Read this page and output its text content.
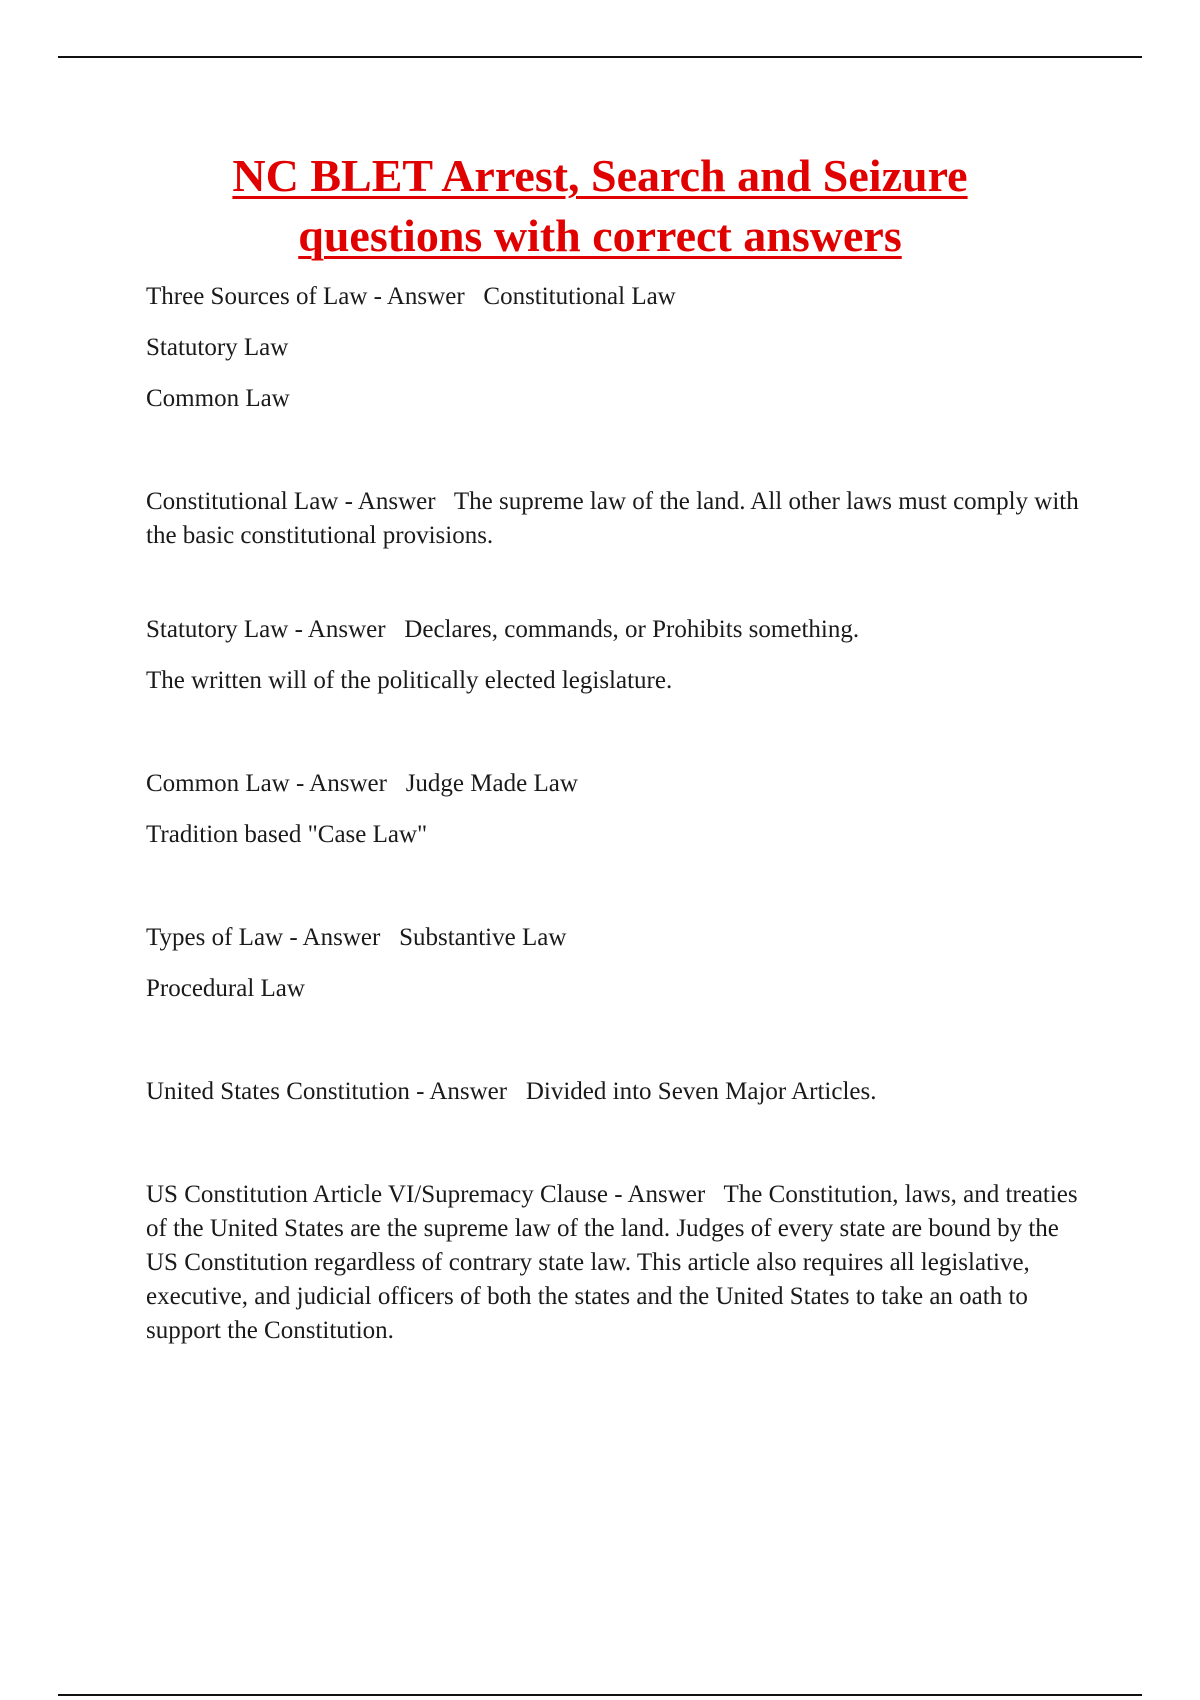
NC BLET Arrest, Search and Seizure
questions with correct answers
Three Sources of Law - Answer Constitutional Law
Statutory Law
Common Law
Constitutional Law - Answer The supreme law of the land. All other laws must comply with the basic constitutional provisions.
Statutory Law - Answer Declares, commands, or Prohibits something.
The written will of the politically elected legislature.
Common Law - Answer Judge Made Law
Tradition based "Case Law"
Types of Law - Answer Substantive Law
Procedural Law
United States Constitution - Answer Divided into Seven Major Articles.
US Constitution Article VI/Supremacy Clause - Answer The Constitution, laws, and treaties of the United States are the supreme law of the land. Judges of every state are bound by the US Constitution regardless of contrary state law. This article also requires all legislative, executive, and judicial officers of both the states and the United States to take an oath to support the Constitution.
